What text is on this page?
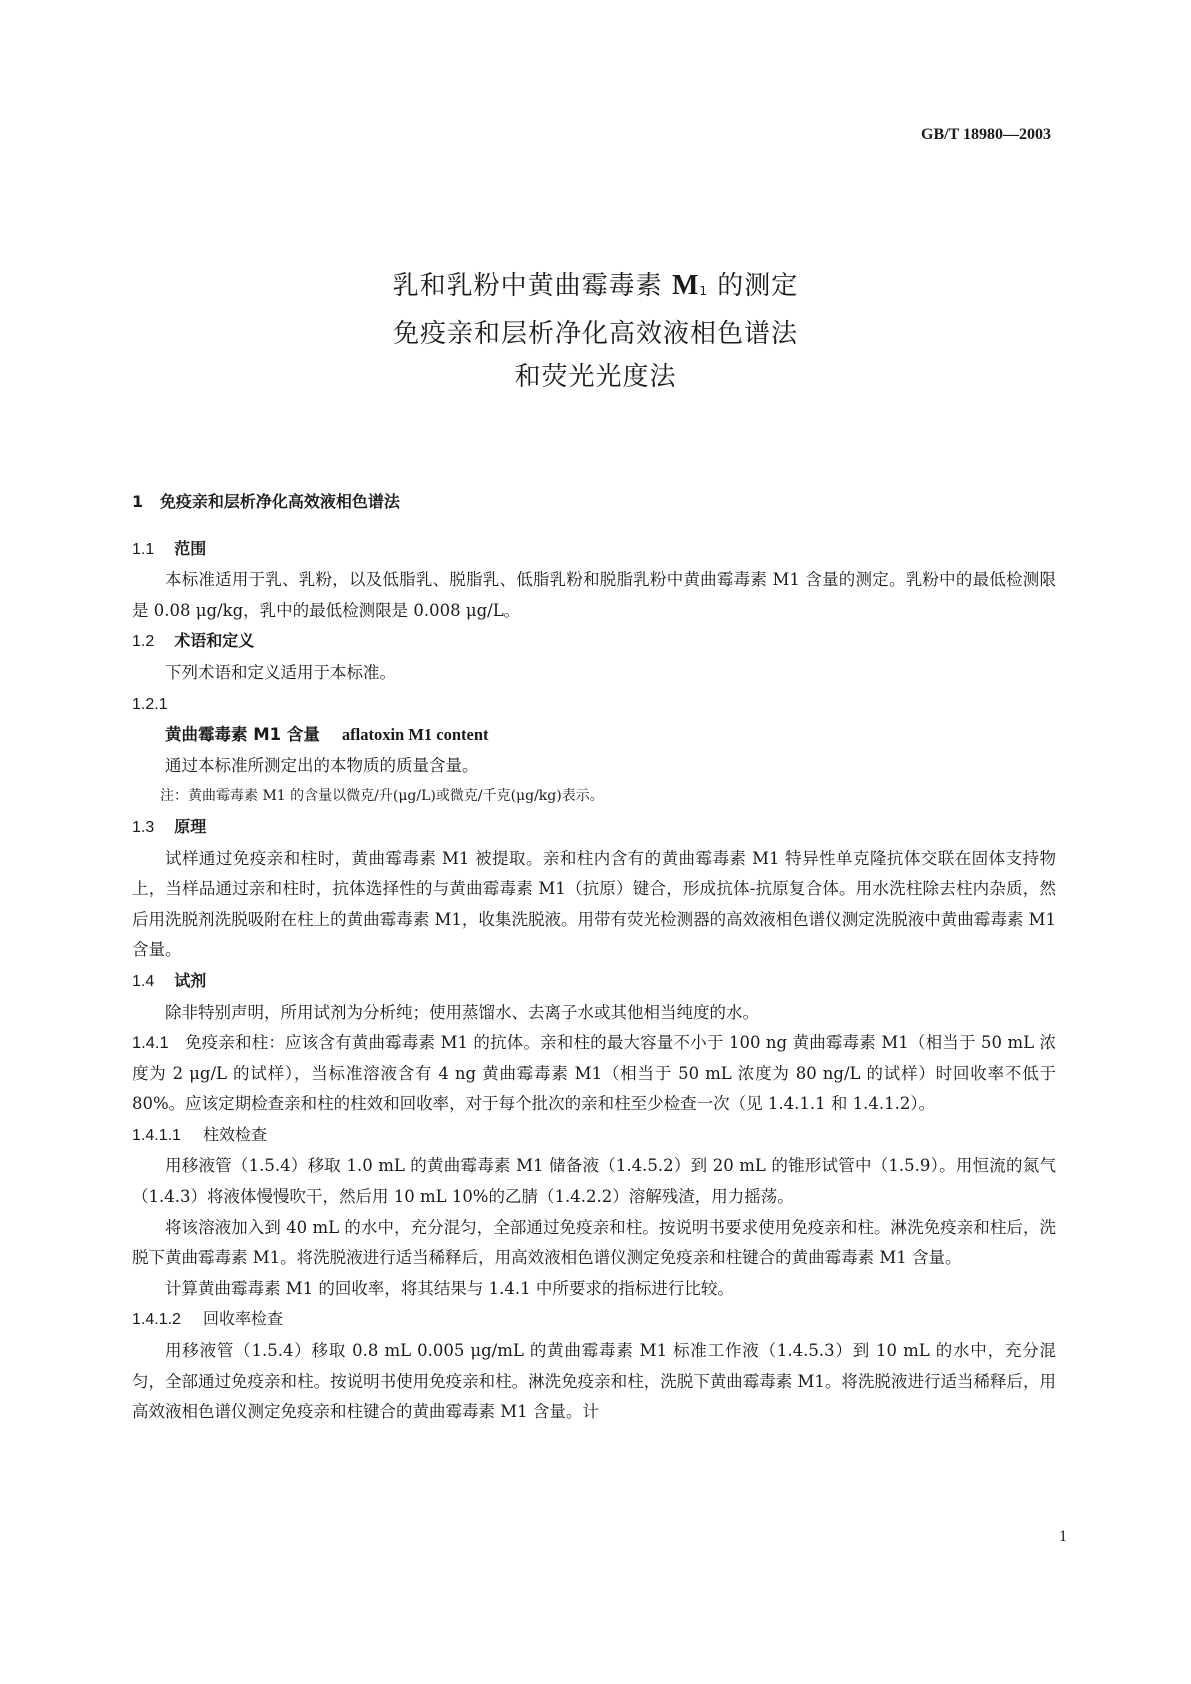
GB/T 18980—2003
乳和乳粉中黄曲霉毒素 M1 的测定
免疫亲和层析净化高效液相色谱法
和荧光光度法
1 免疫亲和层析净化高效液相色谱法
1.1 范围
本标准适用于乳、乳粉，以及低脂乳、脱脂乳、低脂乳粉和脱脂乳粉中黄曲霉毒素 M1 含量的测定。乳粉中的最低检测限是 0.08 μg/kg，乳中的最低检测限是 0.008 μg/L。
1.2 术语和定义
下列术语和定义适用于本标准。
1.2.1
黄曲霉毒素 M1 含量 aflatoxin M1 content
通过本标准所测定出的本物质的质量含量。
注：黄曲霉毒素 M1 的含量以微克/升(μg/L)或微克/千克(μg/kg)表示。
1.3 原理
试样通过免疫亲和柱时，黄曲霉毒素 M1 被提取。亲和柱内含有的黄曲霉毒素 M1 特异性单克隆抗体交联在固体支持物上，当样品通过亲和柱时，抗体选择性的与黄曲霉毒素 M1（抗原）键合，形成抗体-抗原复合体。用水洗柱除去柱内杂质，然后用洗脱剂洗脱吸附在柱上的黄曲霉毒素 M1，收集洗脱液。用带有荧光检测器的高效液相色谱仪测定洗脱液中黄曲霉毒素 M1 含量。
1.4 试剂
除非特别声明，所用试剂为分析纯；使用蒸馏水、去离子水或其他相当纯度的水。
1.4.1 免疫亲和柱：应该含有黄曲霉毒素 M1 的抗体。亲和柱的最大容量不小于 100 ng 黄曲霉毒素 M1（相当于 50 mL 浓度为 2 μg/L 的试样），当标准溶液含有 4 ng 黄曲霉毒素 M1（相当于 50 mL 浓度为 80 ng/L 的试样）时回收率不低于 80%。应该定期检查亲和柱的柱效和回收率，对于每个批次的亲和柱至少检查一次（见 1.4.1.1 和 1.4.1.2）。
1.4.1.1 柱效检查
用移液管（1.5.4）移取 1.0 mL 的黄曲霉毒素 M1 储备液（1.4.5.2）到 20 mL 的锥形试管中（1.5.9）。用恒流的氮气（1.4.3）将液体慢慢吹干，然后用 10 mL 10%的乙腈（1.4.2.2）溶解残渣，用力摇荡。
将该溶液加入到 40 mL 的水中，充分混匀，全部通过免疫亲和柱。按说明书要求使用免疫亲和柱。淋洗免疫亲和柱后，洗脱下黄曲霉毒素 M1。将洗脱液进行适当稀释后，用高效液相色谱仪测定免疫亲和柱键合的黄曲霉毒素 M1 含量。
计算黄曲霉毒素 M1 的回收率，将其结果与 1.4.1 中所要求的指标进行比较。
1.4.1.2 回收率检查
用移液管（1.5.4）移取 0.8 mL 0.005 μg/mL 的黄曲霉毒素 M1 标准工作液（1.4.5.3）到 10 mL 的水中，充分混匀，全部通过免疫亲和柱。按说明书使用免疫亲和柱。淋洗免疫亲和柱，洗脱下黄曲霉毒素 M1。将洗脱液进行适当稀释后，用高效液相色谱仪测定免疫亲和柱键合的黄曲霉毒素 M1 含量。计
1
